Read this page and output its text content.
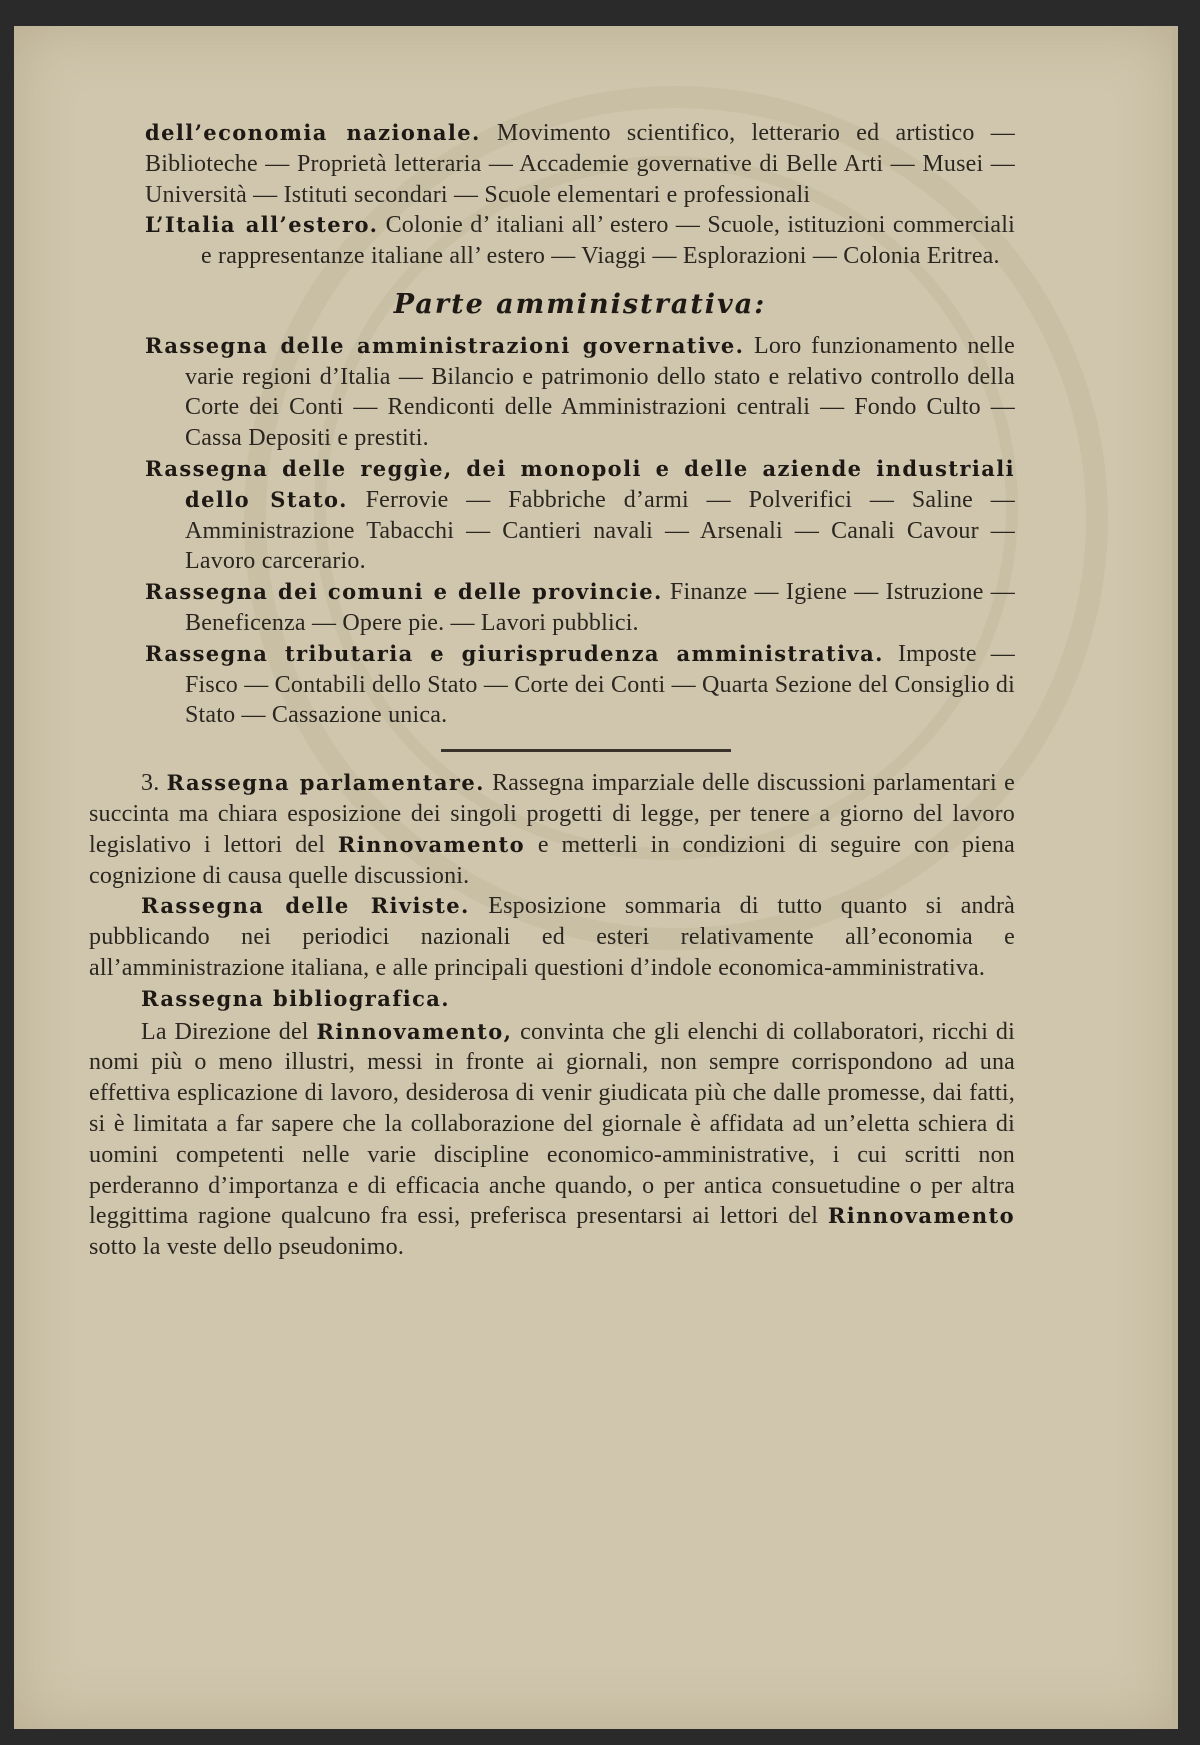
dell’economia nazionale. Movimento scientifico, letterario ed artistico — Biblioteche — Proprietà letteraria — Accademie governative di Belle Arti — Musei — Università — Istituti secondari — Scuole elementari e professionali

L’Italia all’estero. Colonie d’ italiani all’ estero — Scuole, istituzioni commerciali e rappresentanze italiane all’ estero — Viaggi — Esplorazioni — Colonia Eritrea.

Parte amministrativa:

Rassegna delle amministrazioni governative. Loro funzionamento nelle varie regioni d’Italia — Bilancio e patrimonio dello stato e relativo controllo della Corte dei Conti — Rendiconti delle Amministrazioni centrali — Fondo Culto — Cassa Depositi e prestiti.

Rassegna delle reggìe, dei monopoli e delle aziende industriali dello Stato. Ferrovie — Fabbriche d’armi — Polverifici — Saline — Amministrazione Tabacchi — Cantieri navali — Arsenali — Canali Cavour — Lavoro carcerario.

Rassegna dei comuni e delle provincie. Finanze — Igiene — Istruzione — Beneficenza — Opere pie. — Lavori pubblici.

Rassegna tributaria e giurisprudenza amministrativa. Imposte — Fisco — Contabili dello Stato — Corte dei Conti — Quarta Sezione del Consiglio di Stato — Cassazione unica.

3. Rassegna parlamentare. Rassegna imparziale delle discussioni parlamentari e succinta ma chiara esposizione dei singoli progetti di legge, per tenere a giorno del lavoro legislativo i lettori del Rinnovamento e metterli in condizioni di seguire con piena cognizione di causa quelle discussioni.

Rassegna delle Riviste. Esposizione sommaria di tutto quanto si andrà pubblicando nei periodici nazionali ed esteri relativamente all’economia e all’amministrazione italiana, e alle principali questioni d’indole economica-amministrativa.

Rassegna bibliografica.

La Direzione del Rinnovamento, convinta che gli elenchi di collaboratori, ricchi di nomi più o meno illustri, messi in fronte ai giornali, non sempre corrispondono ad una effettiva esplicazione di lavoro, desiderosa di venir giudicata più che dalle promesse, dai fatti, si è limitata a far sapere che la collaborazione del giornale è affidata ad un’eletta schiera di uomini competenti nelle varie discipline economico-amministrative, i cui scritti non perderanno d’importanza e di efficacia anche quando, o per antica consuetudine o per altra leggittima ragione qualcuno fra essi, preferisca presentarsi ai lettori del Rinnovamento sotto la veste dello pseudonimo.
